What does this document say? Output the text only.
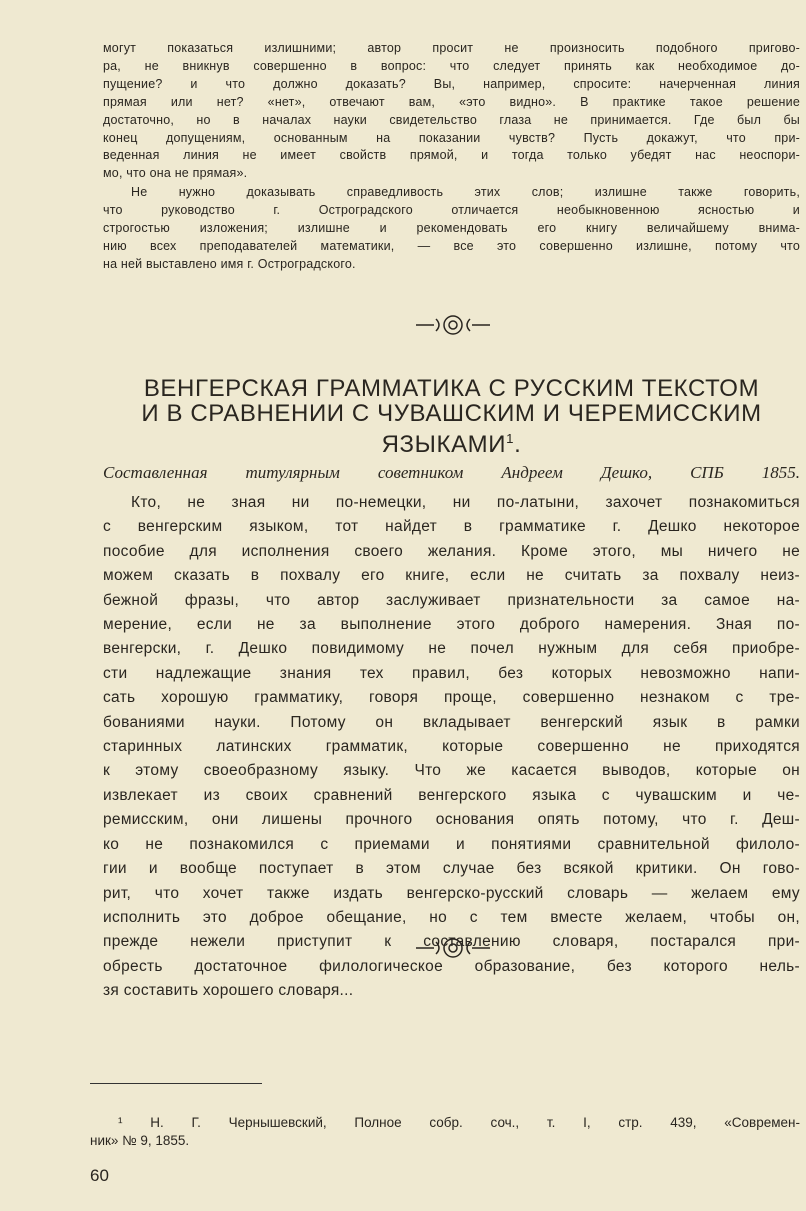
могут показаться излишними; автор просит не произносить подобного пригово-
ра, не вникнув совершенно в вопрос: что следует принять как необходимое до-
пущение? и что должно доказать? Вы, например, спросите: начерченная линия
прямая или нет? «нет», отвечают вам, «это видно». В практике такое решение
достаточно, но в началах науки свидетельство глаза не принимается. Где был бы
конец допущениям, основанным на показании чувств? Пусть докажут, что при-
веденная линия не имеет свойств прямой, и тогда только убедят нас неоспори-
мо, что она не прямая».
Не нужно доказывать справедливость этих слов; излишне также говорить,
что руководство г. Остроградского отличается необыкновенною ясностью и
строгостью изложения; излишне и рекомендовать его книгу величайшему внима-
нию всех преподавателей математики, — все это совершенно излишне, потому что
на ней выставлено имя г. Остроградского.
ВЕНГЕРСКАЯ ГРАММАТИКА С РУССКИМ ТЕКСТОМ
И В СРАВНЕНИИ С ЧУВАШСКИМ И ЧЕРЕМИССКИМ
ЯЗЫКАМИ$^1$.
Составленная титулярным советником Андреем Дешко, СПБ 1855.
Кто, не зная ни по-немецки, ни по-латыни, захочет познакомиться
с венгерским языком, тот найдет в грамматике г. Дешко некоторое
пособие для исполнения своего желания. Кроме этого, мы ничего не
можем сказать в похвалу его книге, если не считать за похвалу неиз-
бежной фразы, что автор заслуживает признательности за самое на-
мерение, если не за выполнение этого доброго намерения. Зная по-
венгерски, г. Дешко повидимому не почел нужным для себя приобре-
сти надлежащие знания тех правил, без которых невозможно напи-
сать хорошую грамматику, говоря проще, совершенно незнаком с тре-
бованиями науки. Потому он вкладывает венгерский язык в рамки
старинных латинских грамматик, которые совершенно не приходятся
к этому своеобразному языку. Что же касается выводов, которые он
извлекает из своих сравнений венгерского языка с чувашским и че-
ремисским, они лишены прочного основания опять потому, что г. Деш-
ко не познакомился с приемами и понятиями сравнительной филоло-
гии и вообще поступает в этом случае без всякой критики. Он гово-
рит, что хочет также издать венгерско-русский словарь — желаем ему
исполнить это доброе обещание, но с тем вместе желаем, чтобы он,
прежде нежели приступит к составлению словаря, постарался при-
обресть достаточное филологическое образование, без которого нель-
зя составить хорошего словаря...
¹ Н. Г. Чернышевский, Полное собр. соч., т. I, стр. 439, «Современ-
ник» № 9, 1855.
60
